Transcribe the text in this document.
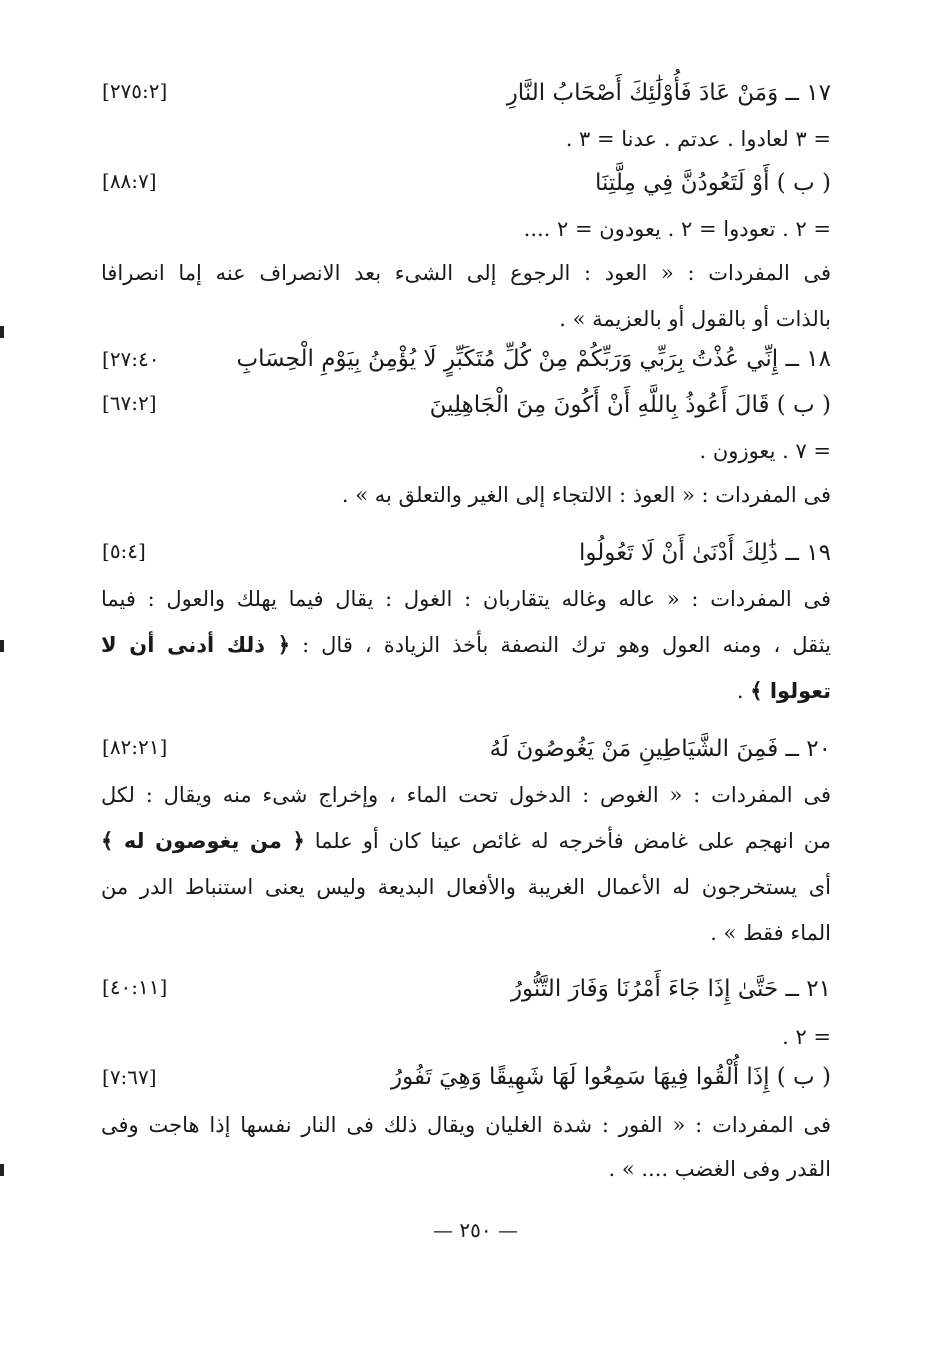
١٧ ــ وَمَنْ عَادَ فَأُوْلَٰئِكَ أَصْحَابُ النَّارِ
[٢٧٥:٢]
= ٣ لعادوا . عدتم . عدنا = ٣ .
( ب ) أَوْ لَتَعُودُنَّ فِي مِلَّتِنَا
[٨٨:٧]
= ٢ . تعودوا = ٢ . يعودون = ٢ ....
فى المفردات : « العود : الرجوع إلى الشىء بعد الانصراف عنه إما انصرافا
بالذات أو بالقول أو بالعزيمة » .
١٨ ــ إِنِّي عُذْتُ بِرَبِّي وَرَبِّكُمْ مِنْ كُلِّ مُتَكَبِّرٍ لَا يُؤْمِنُ بِيَوْمِ الْحِسَابِ
[٢٧:٤٠
( ب ) قَالَ أَعُوذُ بِاللَّهِ أَنْ أَكُونَ مِنَ الْجَاهِلِينَ
[٦٧:٢]
= ٧ . يعوزون .
فى المفردات : « العوذ : الالتجاء إلى الغير والتعلق به » .
١٩ ــ ذَٰلِكَ أَدْنَىٰ أَنْ لَا تَعُولُوا
[٥:٤]
فى المفردات : « عاله وغاله يتقاربان : الغول : يقال فيما يهلك والعول : فيما
يثقل ، ومنه العول وهو ترك النصفة بأخذ الزيادة ، قال : ﴿ ذلك أدنى أن لا
تعولوا ﴾ .
٢٠ ــ فَمِنَ الشَّيَاطِينِ مَنْ يَغُوصُونَ لَهُ
[٨٢:٢١]
فى المفردات : « الغوص : الدخول تحت الماء ، وإخراج شىء منه ويقال : لكل
من انهجم على غامض فأخرجه له غائص عينا كان أو علما ﴿ من يغوصون له ﴾
أى يستخرجون له الأعمال الغريبة والأفعال البديعة وليس يعنى استنباط الدر من
الماء فقط » .
٢١ ــ حَتَّىٰ إِذَا جَاءَ أَمْرُنَا وَفَارَ التَّنُّورُ
[٤٠:١١]
= ٢ .
( ب ) إِذَا أُلْقُوا فِيهَا سَمِعُوا لَهَا شَهِيقًا وَهِيَ تَفُورُ
[٧:٦٧]
فى المفردات : « الفور : شدة الغليان ويقال ذلك فى النار نفسها إذا هاجت وفى
القدر وفى الغضب .... » .
— ٢٥٠ —
